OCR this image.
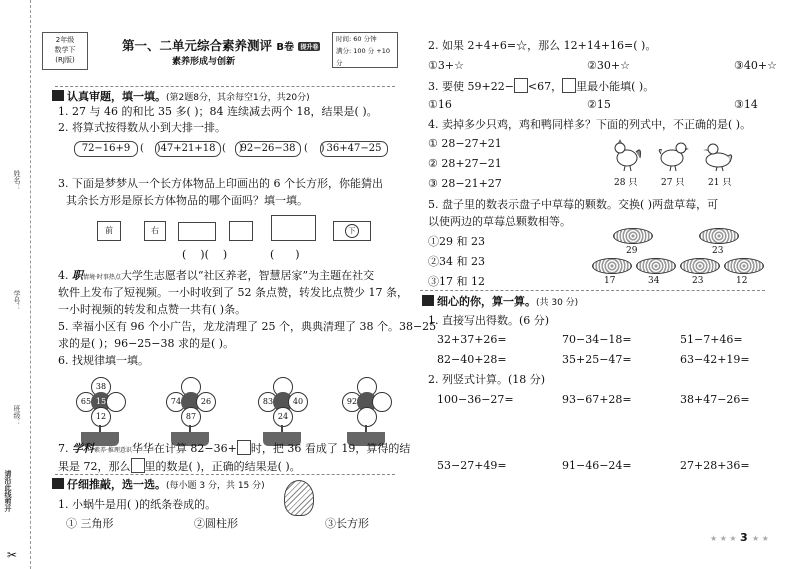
姓名：
学号：
班级：
请沿此线剪开
✂
2年级
数学下
(RJ版)
第一、二单元综合素养测评 B卷 提升卷
素养形成与创新
时间: 60 分钟
满分: 100 分 +10 分
认真审题，填一填。(第2题8分，其余每空1分，共20分)
1. 27 与 46 的和比 35 多( )；84 连续减去两个 18，结果是( )。
2. 将算式按得数从小到大排一排。
72−16+9 (    ) 47+21+18 (    )
92−26−38 (    ) 36+47−25
3. 下面是梦梦从一个长方体物品上印画出的 6 个长方形，你能猜出
其余长方形是原长方体物品的哪个面吗？填一填。
前	右	下
(    )(    )	(      )
4. 职情境·时事热点大学生志愿者以“社区养老，智慧居家”为主题在社交
软件上发布了短视频。一小时收到了 52 条点赞，转发比点赞少 17 条，
一小时视频的转发和点赞一共有( )条。
5. 幸福小区有 96 个小广告，龙龙清理了 25 个，典典清理了 38 个。38−25
求的是( )；96−25−38 求的是( )。
6. 找规律填一填。
38
65 15
12
74	26
87
83	40
24
92
7. 学科素养·推理意识华华在计算 82−36+ 时，把 36 看成了 19，算得的结
果是 72，那么 里的数是( )，正确的结果是( )。
仔细推敲，选一选。(每小题 3 分，共 15 分)
1. 小蜗牛是用( )的纸条卷成的。
① 三角形	②圆柱形	③长方形
2. 如果 2+4+6=☆，那么 12+14+16=( )。
①3+☆	②30+☆	③40+☆
3. 要使 59+22− <67， 里最小能填( )。
①16	②15	③14
4. 卖掉多少只鸡，鸡和鸭同样多？下面的列式中，不正确的是( )。
① 28−27+21
② 28+27−21
③ 28−21+27	28 只	27 只	21 只
5. 盘子里的数表示盘子中草莓的颗数。交换( )两盘草莓，可
以使两边的草莓总颗数相等。
①29 和 23
②34 和 23
③17 和 12
29	23
17	34	23	12
细心的你，算一算。(共 30 分)
1. 直接写出得数。(6 分)
32+37+26=	70−34−18=	51−7+46=
82−40+28=	35+25−47=	63−42+19=
2. 列竖式计算。(18 分)
100−36−27=	93−67+28=	38+47−26=
53−27+49=	91−46−24=	27+28+36=
★ ★ ★ 3 ★ ★
